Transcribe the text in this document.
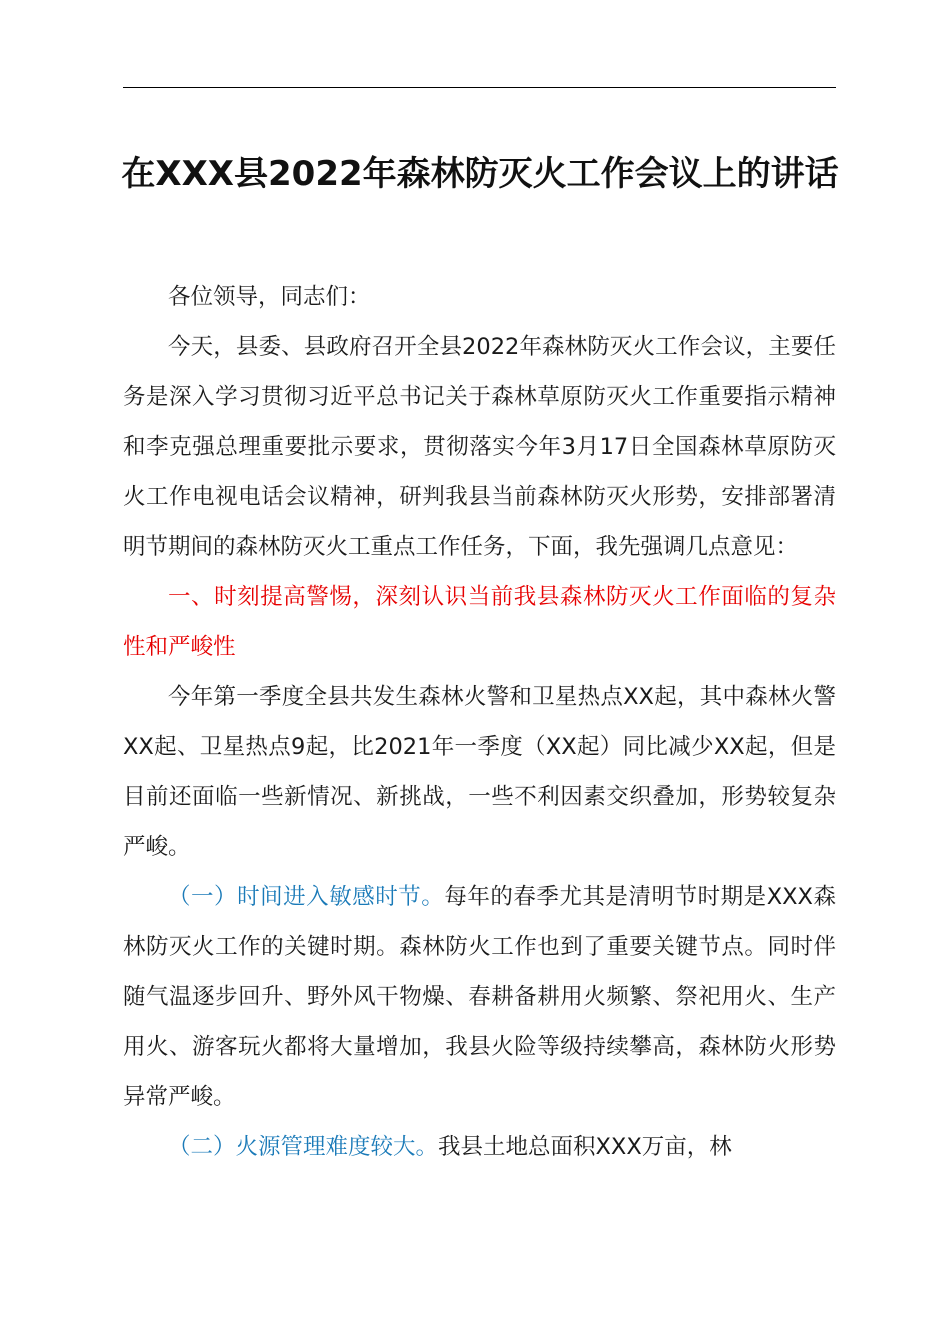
在XXX县2022年森林防灭火工作会议上的讲话

各位领导，同志们：

今天，县委、县政府召开全县2022年森林防灭火工作会议，主要任务是深入学习贯彻习近平总书记关于森林草原防灭火工作重要指示精神和李克强总理重要批示要求，贯彻落实今年3月17日全国森林草原防灭火工作电视电话会议精神，研判我县当前森林防灭火形势，安排部署清明节期间的森林防灭火工重点工作任务，下面，我先强调几点意见：

一、时刻提高警惕，深刻认识当前我县森林防灭火工作面临的复杂性和严峻性

今年第一季度全县共发生森林火警和卫星热点XX起，其中森林火警XX起、卫星热点9起，比2021年一季度（XX起）同比减少XX起，但是目前还面临一些新情况、新挑战，一些不利因素交织叠加，形势较复杂严峻。

（一）时间进入敏感时节。每年的春季尤其是清明节时期是XXX森林防灭火工作的关键时期。森林防火工作也到了重要关键节点。同时伴随气温逐步回升、野外风干物燥、春耕备耕用火频繁、祭祀用火、生产用火、游客玩火都将大量增加，我县火险等级持续攀高，森林防火形势异常严峻。

（二）火源管理难度较大。我县土地总面积XXX万亩，林
